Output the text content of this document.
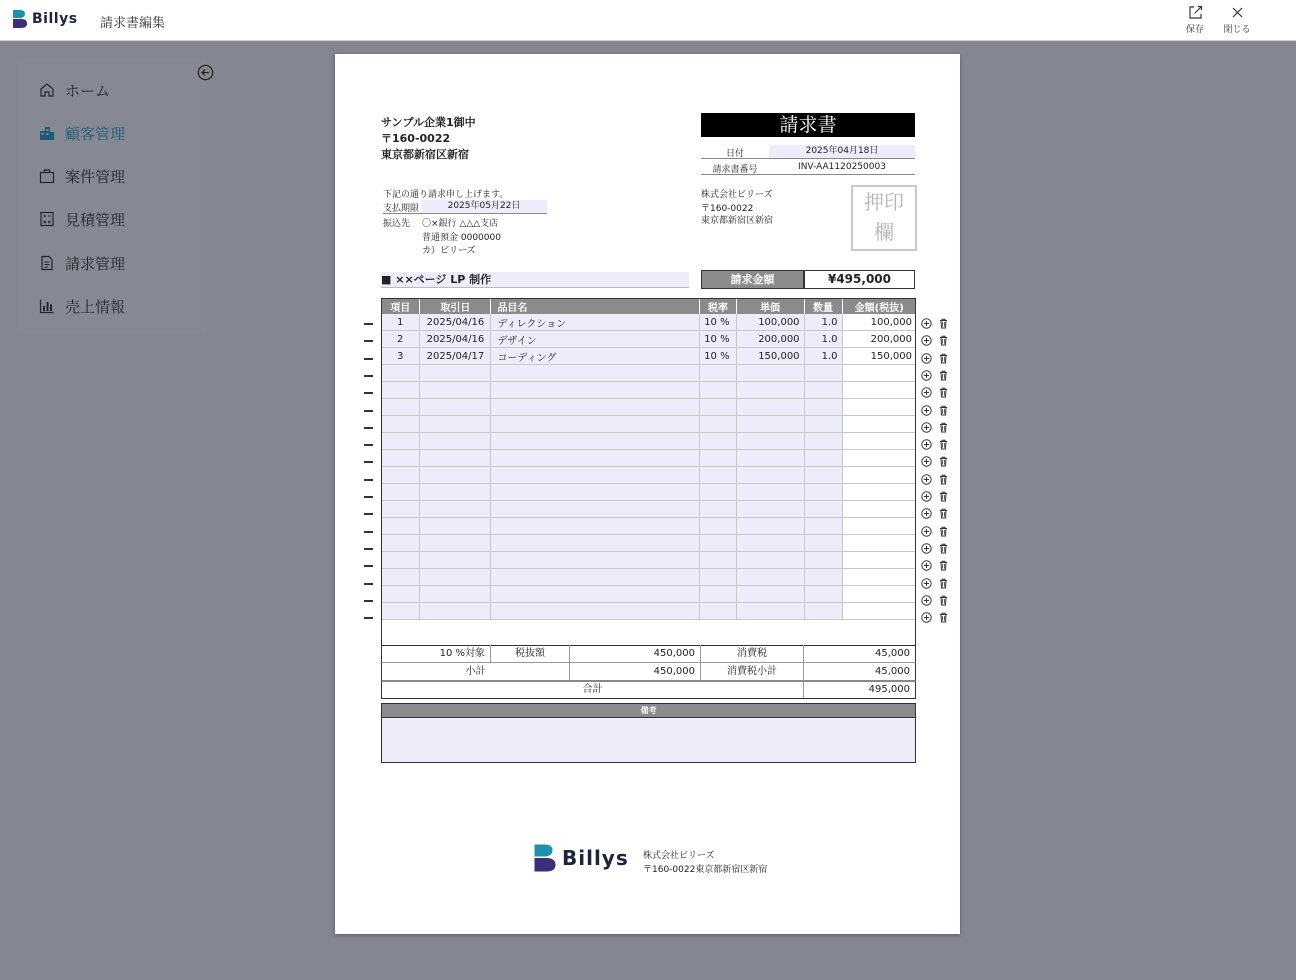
Billys 請求書編集	保存	閉じる
ホーム
顧客管理
案件管理
見積管理
請求管理
売上情報
サンプル企業1御中
〒160-0022
東京都新宿区新宿
請求書
日付	2025年04月18日
請求書番号	INV-AA1120250003
下記の通り請求申し上げます。
支払期限	2025年05月22日
振込先 〇×銀行 △△△支店
普通預金 0000000
カ）ビリーズ
株式会社ビリーズ
〒160-0022
東京都新宿区新宿
押印
欄
■ ××ページ LP 制作	請求金額	¥495,000
項目	取引日	品目名	税率	単価	数量	金額(税抜)
1	2025/04/16	ディレクション	10 %	100,000	1.0	100,000
2	2025/04/16	デザイン	10 %	200,000	1.0	200,000
3	2025/04/17	コーディング	10 %	150,000	1.0	150,000

10 %対象	税抜額	450,000	消費税	45,000
小計	450,000	消費税小計	45,000
合計	495,000
備考
Billys 株式会社ビリーズ
〒160-0022東京都新宿区新宿
